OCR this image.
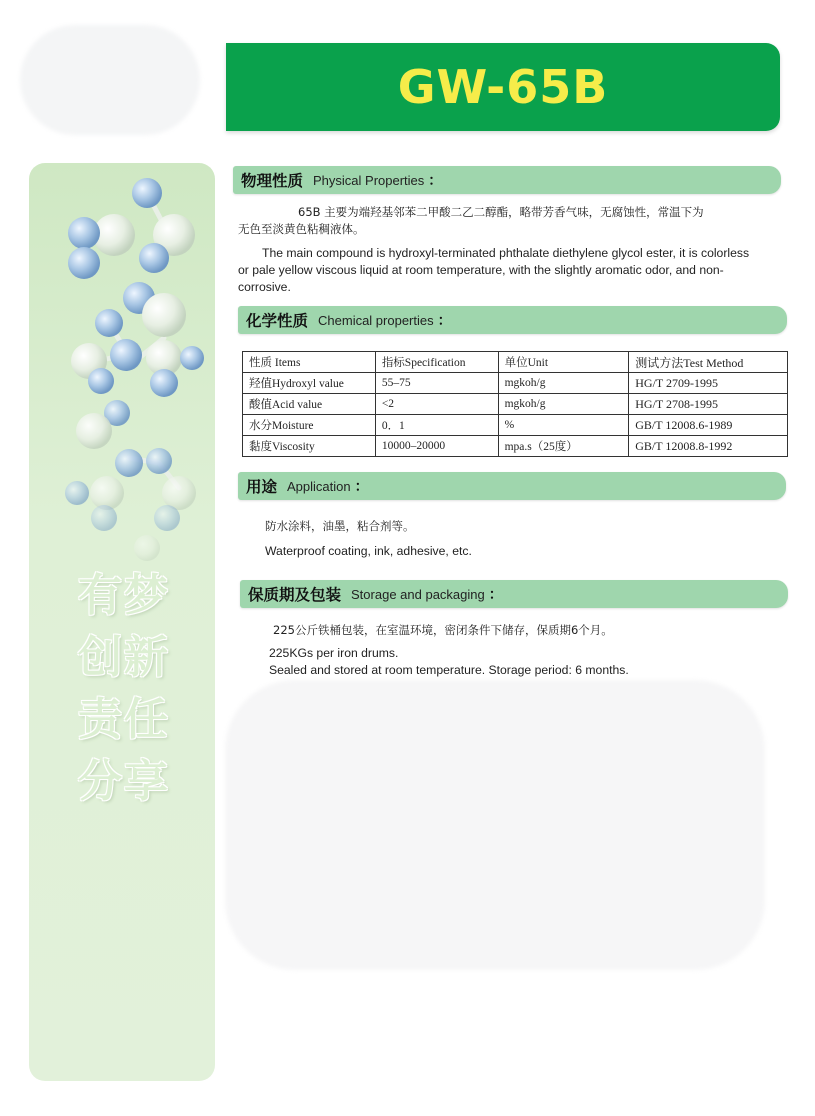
GW-65B
有梦
创新
责任
分享
物理性质 Physical Properties ：
65B 主要为端羟基邻苯二甲酸二乙二醇酯，略带芳香气味，无腐蚀性，常温下为
无色至淡黄色粘稠液体。
The main compound is hydroxyl-terminated phthalate diethylene glycol ester, it is colorless
or pale yellow viscous liquid at room temperature, with the slightly aromatic odor, and non-
corrosive.
化学性质 Chemical properties ：
性质 Items	指标Specification	单位Unit	测试方法Test Method
羟值Hydroxyl value	55–75	mgkoh/g	HG/T 2709-1995
酸值Acid value	<2	mgkoh/g	HG/T 2708-1995
水分Moisture	0．1	%	GB/T 12008.6-1989
黏度Viscosity	10000–20000	mpa.s（25度）	GB/T 12008.8-1992
用途 Application ：
防水涂料，油墨，粘合剂等。
Waterproof coating, ink, adhesive, etc.
保质期及包装 Storage and packaging ：
225公斤铁桶包装，在室温环境，密闭条件下储存，保质期6个月。
225KGs per iron drums.
Sealed and stored at room temperature. Storage period: 6 months.
